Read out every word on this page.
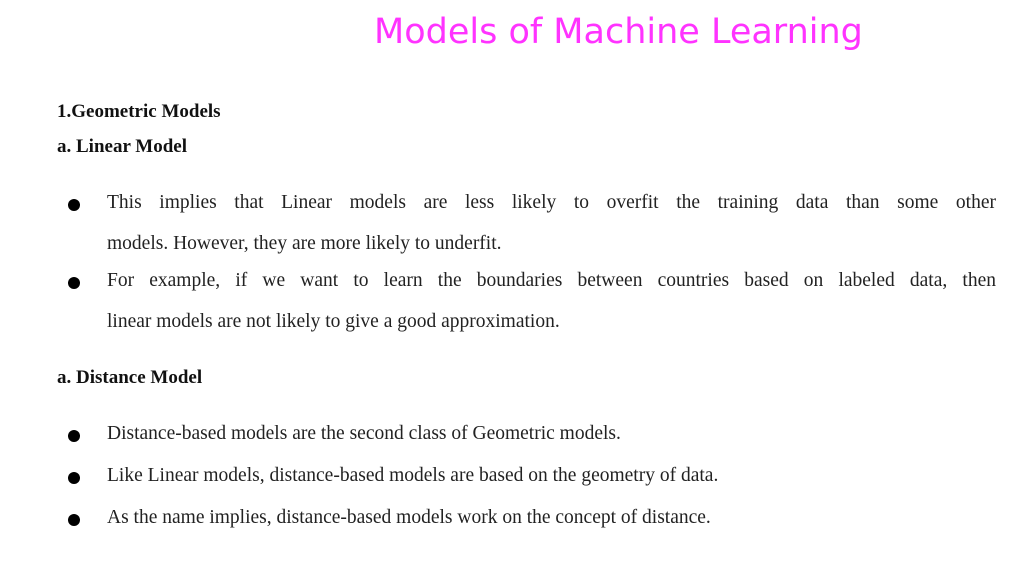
Models of Machine Learning
1.Geometric Models
a. Linear Model
This implies that Linear models are less likely to overfit the training data than some other
models. However, they are more likely to underfit.
For example, if we want to learn the boundaries between countries based on labeled data, then
linear models are not likely to give a good approximation.
a. Distance Model
Distance-based models are the second class of Geometric models.
Like Linear models, distance-based models are based on the geometry of data.
As the name implies, distance-based models work on the concept of distance.
